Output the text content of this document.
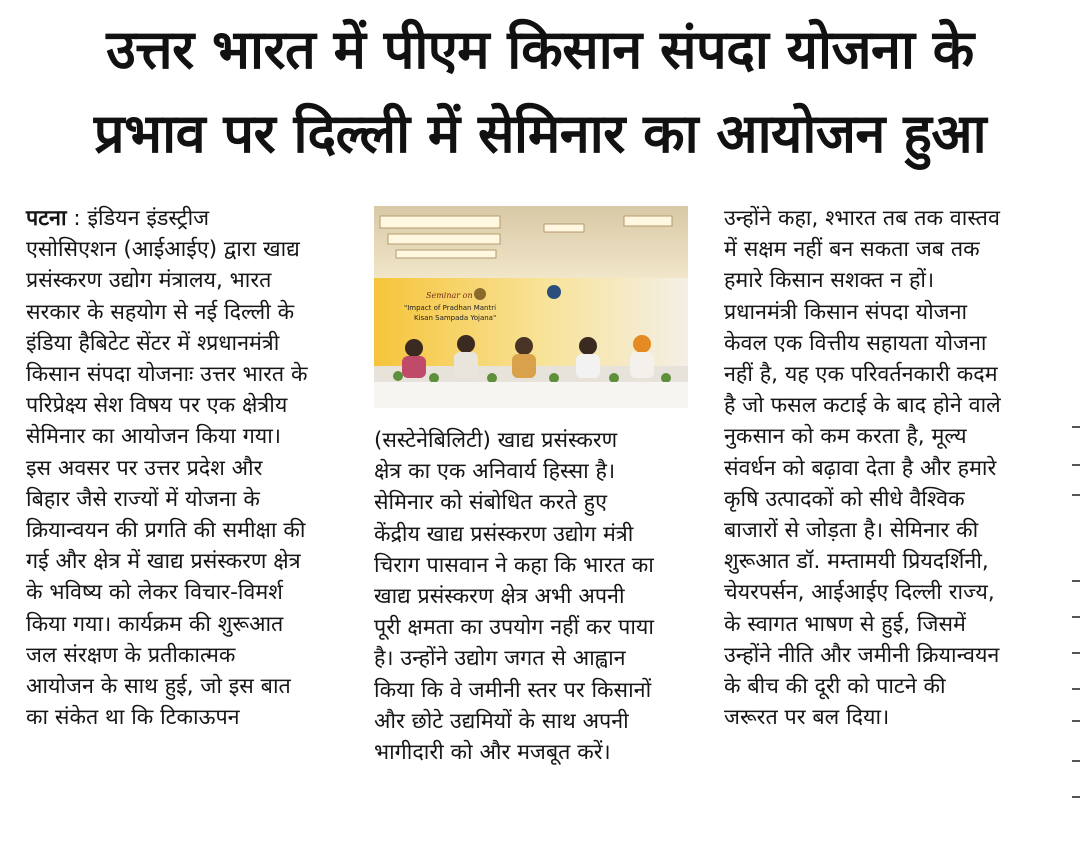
उत्तर भारत में पीएम किसान संपदा योजना के
प्रभाव पर दिल्ली में सेमिनार का आयोजन हुआ

पटना : इंडियन इंडस्ट्रीज

एसोसिएशन (आईआईए) द्वारा खाद्य

प्रसंस्करण उद्योग मंत्रालय, भारत

सरकार के सहयोग से नई दिल्ली के

इंडिया हैबिटेट सेंटर में श्प्रधानमंत्री

किसान संपदा योजनाः उत्तर भारत के

परिप्रेक्ष्य सेश विषय पर एक क्षेत्रीय

सेमिनार का आयोजन किया गया।

इस अवसर पर उत्तर प्रदेश और

बिहार जैसे राज्यों में योजना के

क्रियान्वयन की प्रगति की समीक्षा की

गई और क्षेत्र में खाद्य प्रसंस्करण क्षेत्र

के भविष्य को लेकर विचार-विमर्श

किया गया। कार्यक्रम की शुरूआत

जल संरक्षण के प्रतीकात्मक

आयोजन के साथ हुई, जो इस बात

का संकेत था कि टिकाऊपन

Seminar on
"Impact of Pradhan Mantri
Kisan Sampada Yojana"

(सस्टेनेबिलिटी) खाद्य प्रसंस्करण

क्षेत्र का एक अनिवार्य हिस्सा है।

सेमिनार को संबोधित करते हुए

केंद्रीय खाद्य प्रसंस्करण उद्योग मंत्री

चिराग पासवान ने कहा कि भारत का

खाद्य प्रसंस्करण क्षेत्र अभी अपनी

पूरी क्षमता का उपयोग नहीं कर पाया

है। उन्होंने उद्योग जगत से आह्वान

किया कि वे जमीनी स्तर पर किसानों

और छोटे उद्यमियों के साथ अपनी

भागीदारी को और मजबूत करें।

उन्होंने कहा, श्भारत तब तक वास्तव

में सक्षम नहीं बन सकता जब तक

हमारे किसान सशक्त न हों।

प्रधानमंत्री किसान संपदा योजना

केवल एक वित्तीय सहायता योजना

नहीं है, यह एक परिवर्तनकारी कदम

है जो फसल कटाई के बाद होने वाले

नुकसान को कम करता है, मूल्य

संवर्धन को बढ़ावा देता है और हमारे

कृषि उत्पादकों को सीधे वैश्विक

बाजारों से जोड़ता है। सेमिनार की

शुरूआत डॉ. मम्तामयी प्रियदर्शिनी,

चेयरपर्सन, आईआईए दिल्ली राज्य,

के स्वागत भाषण से हुई, जिसमें

उन्होंने नीति और जमीनी क्रियान्वयन

के बीच की दूरी को पाटने की

जरूरत पर बल दिया।
